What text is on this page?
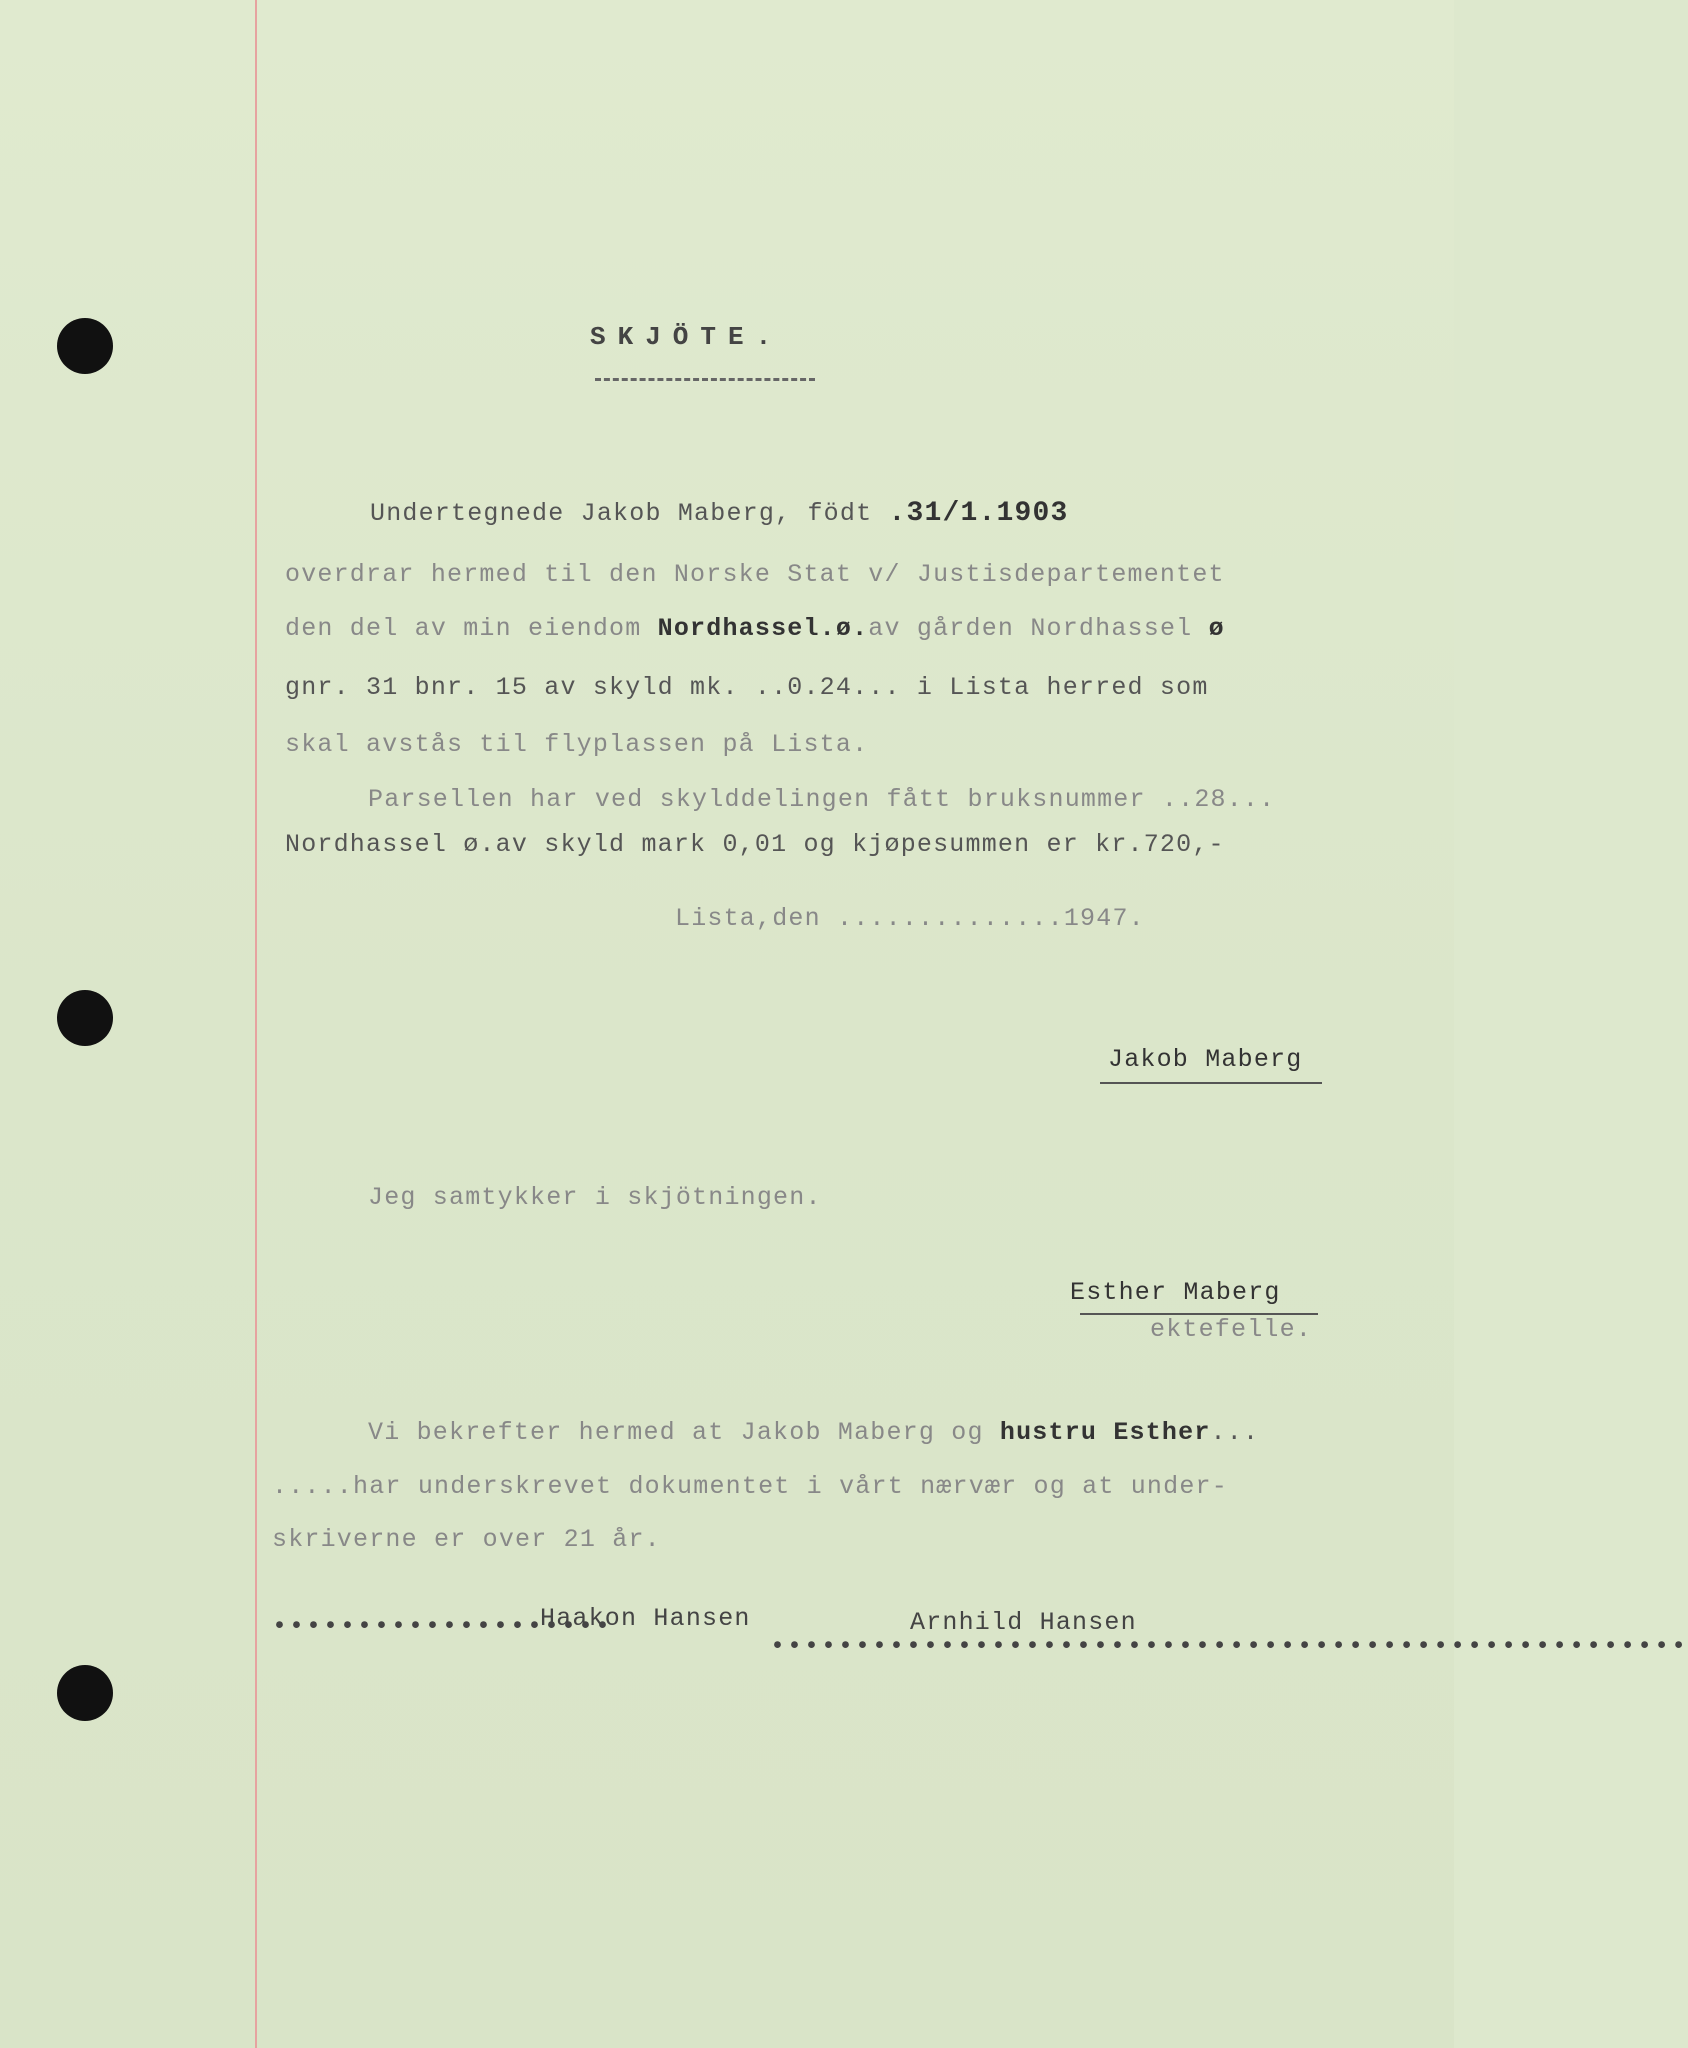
SKJÖTE.
Undertegnede Jakob Maberg, födt .31/1.1903
overdrar hermed til den Norske Stat v/ Justisdepartementet
den del av min eiendom Nordhassel.ø.av gården Nordhassel ø
gnr. 31 bnr. 15 av skyld mk. ..0.24... i Lista herred som
skal avstås til flyplassen på Lista.
Parsellen har ved skylddelingen fått bruksnummer ..28...
Nordhassel ø.av skyld mark 0,01 og kjøpesummen er kr.720,-
Lista,den ..............1947.
Jakob Maberg
Jeg samtykker i skjötningen.
Esther Maberg
ektefelle.
Vi bekrefter hermed at Jakob Maberg og hustru Esther...
.....har underskrevet dokumentet i vårt nærvær og at under-
skriverne er over 21 år.
••••••••••••••••••••
Haakon Hansen
••••••••••••••••••••••••••••••••••••••••••••••••••••••
Arnhild Hansen
